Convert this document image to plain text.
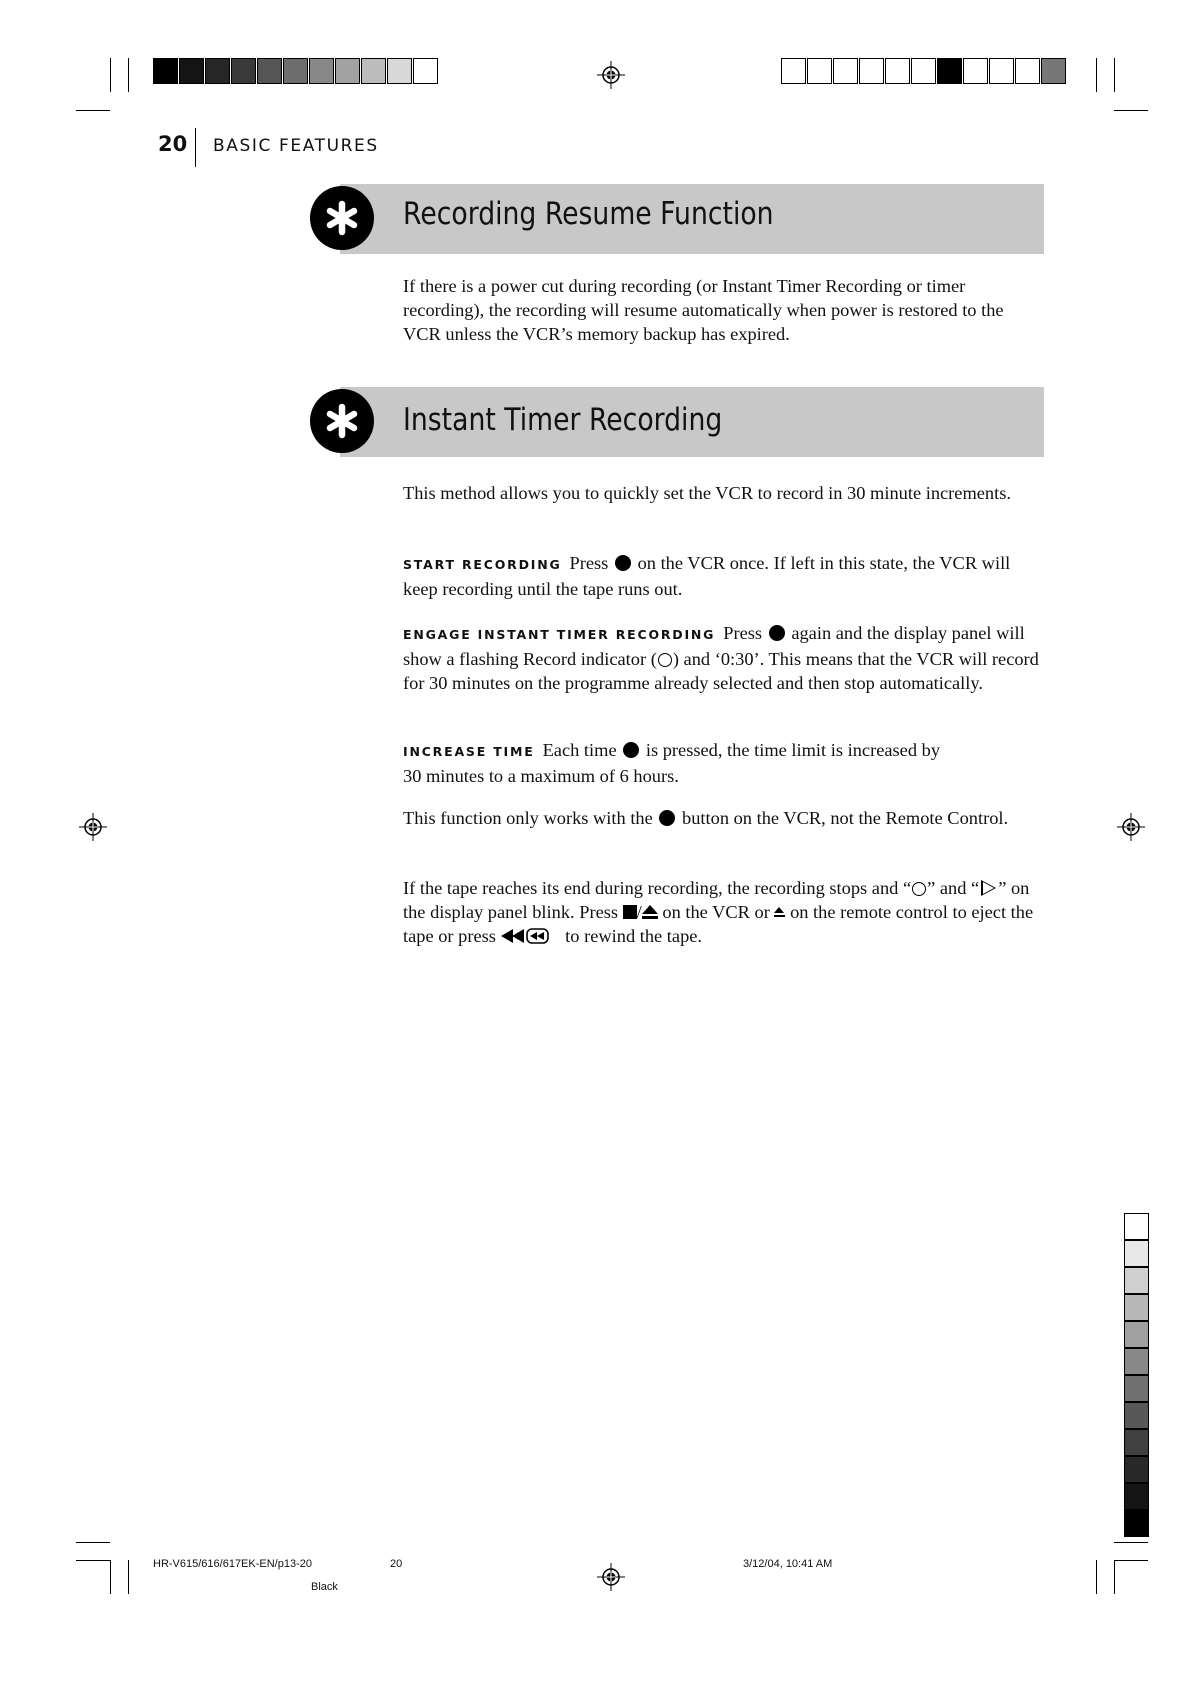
20 BASIC FEATURES
Recording Resume Function
If there is a power cut during recording (or Instant Timer Recording or timer recording), the recording will resume automatically when power is restored to the VCR unless the VCR’s memory backup has expired.
Instant Timer Recording
This method allows you to quickly set the VCR to record in 30 minute increments.
START RECORDING Press on the VCR once. If left in this state, the VCR will keep recording until the tape runs out.
ENGAGE INSTANT TIMER RECORDING Press again and the display panel will show a flashing Record indicator ( ) and ‘0:30’. This means that the VCR will record for 30 minutes on the programme already selected and then stop automatically.
INCREASE TIME Each time is pressed, the time limit is increased by 30 minutes to a maximum of 6 hours.
This function only works with the button on the VCR, not the Remote Control.
If the tape reaches its end during recording, the recording stops and “ ” and “ ” on the display panel blink. Press / on the VCR or on the remote control to eject the tape or press	to rewind the tape.
HR-V615/616/617EK-EN/p13-20	20	3/12/04, 10:41 AM
Black
